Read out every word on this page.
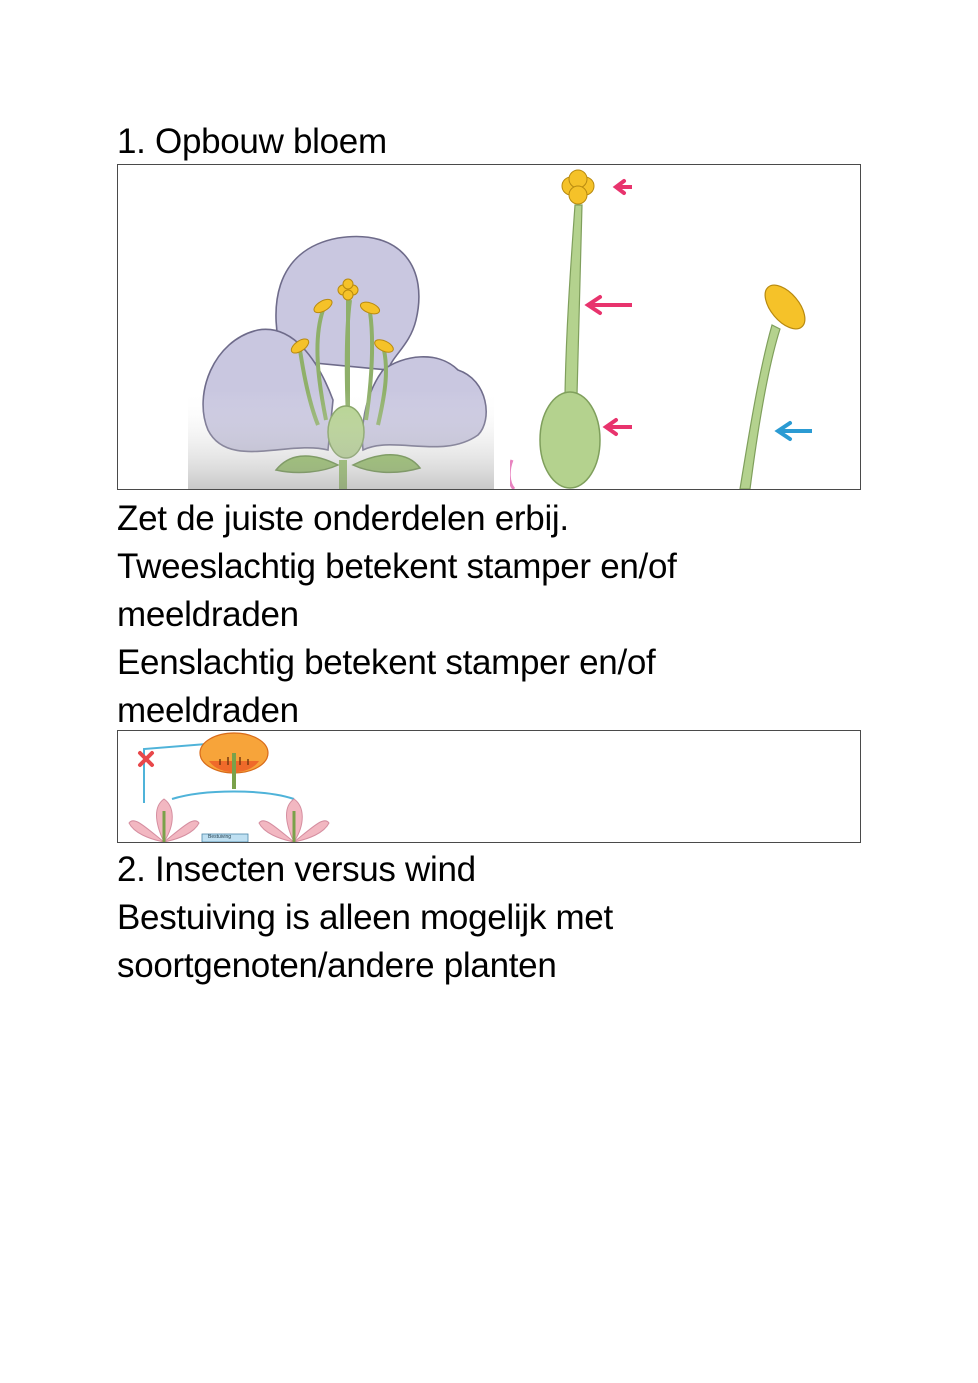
1. Opbouw bloem
Zet de juiste onderdelen erbij.
Tweeslachtig betekent stamper en/of
meeldraden
Eenslachtig betekent stamper en/of
meeldraden
Bestuiving
2. Insecten versus wind
Bestuiving is alleen mogelijk met
soortgenoten/andere planten
